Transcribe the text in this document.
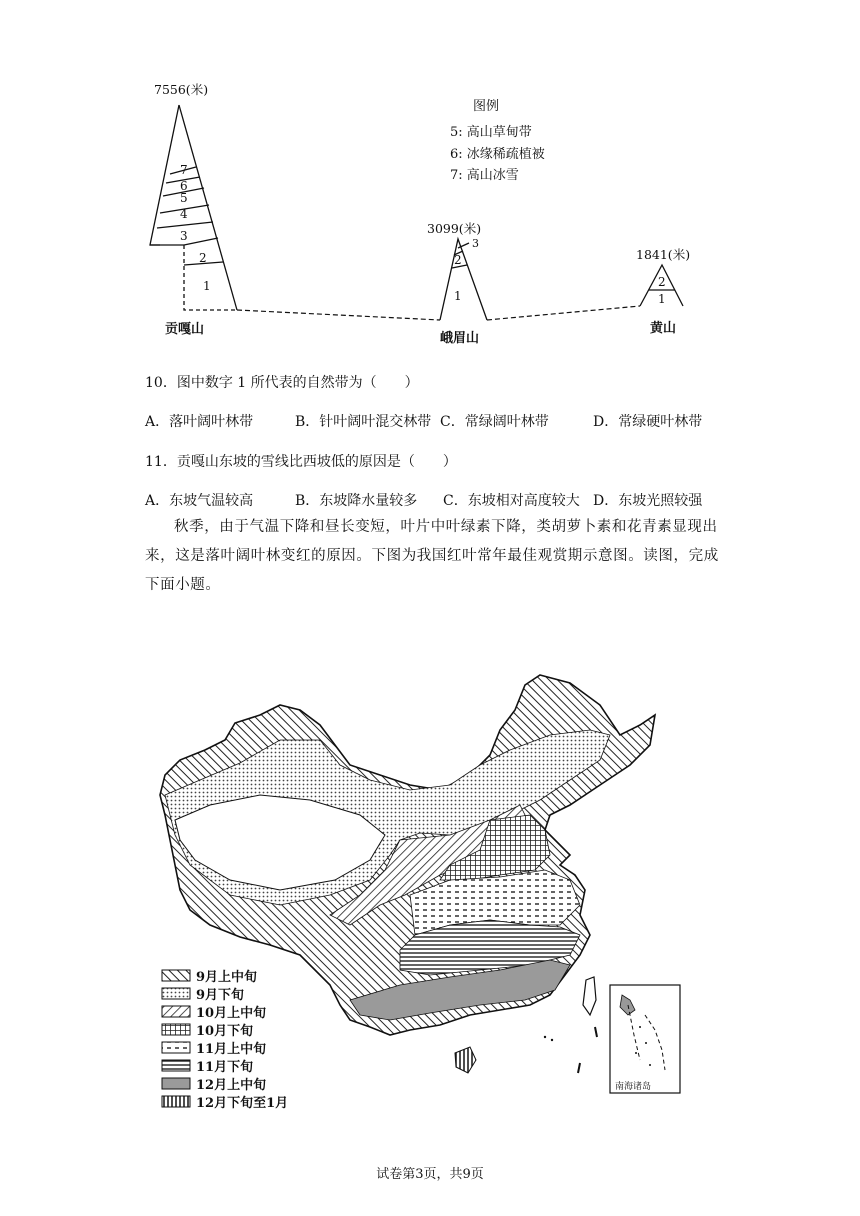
7556(米)
7
6
5
4
3
2
1
贡嘎山
3099(米)
3
2
1
峨眉山
1841(米)
2
1
黄山
图例
5: 高山草甸带
6: 冰缘稀疏植被
7: 高山冰雪
10．图中数字 1 所代表的自然带为（　　）
A．落叶阔叶林带	B．针叶阔叶混交林带 C．常绿阔叶林带	D．常绿硬叶林带
11．贡嘎山东坡的雪线比西坡低的原因是（　　）
A．东坡气温较高	B．东坡降水量较多 C．东坡相对高度较大 D．东坡光照较强
秋季，由于气温下降和昼长变短，叶片中叶绿素下降，类胡萝卜素和花青素显现出
来，这是落叶阔叶林变红的原因。下图为我国红叶常年最佳观赏期示意图。读图，完成
下面小题。
南海诸岛
9月上中旬
9月下旬
10月上中旬
10月下旬
11月上中旬
11月下旬
12月上中旬
12月下旬至1月
试卷第3页，共9页
